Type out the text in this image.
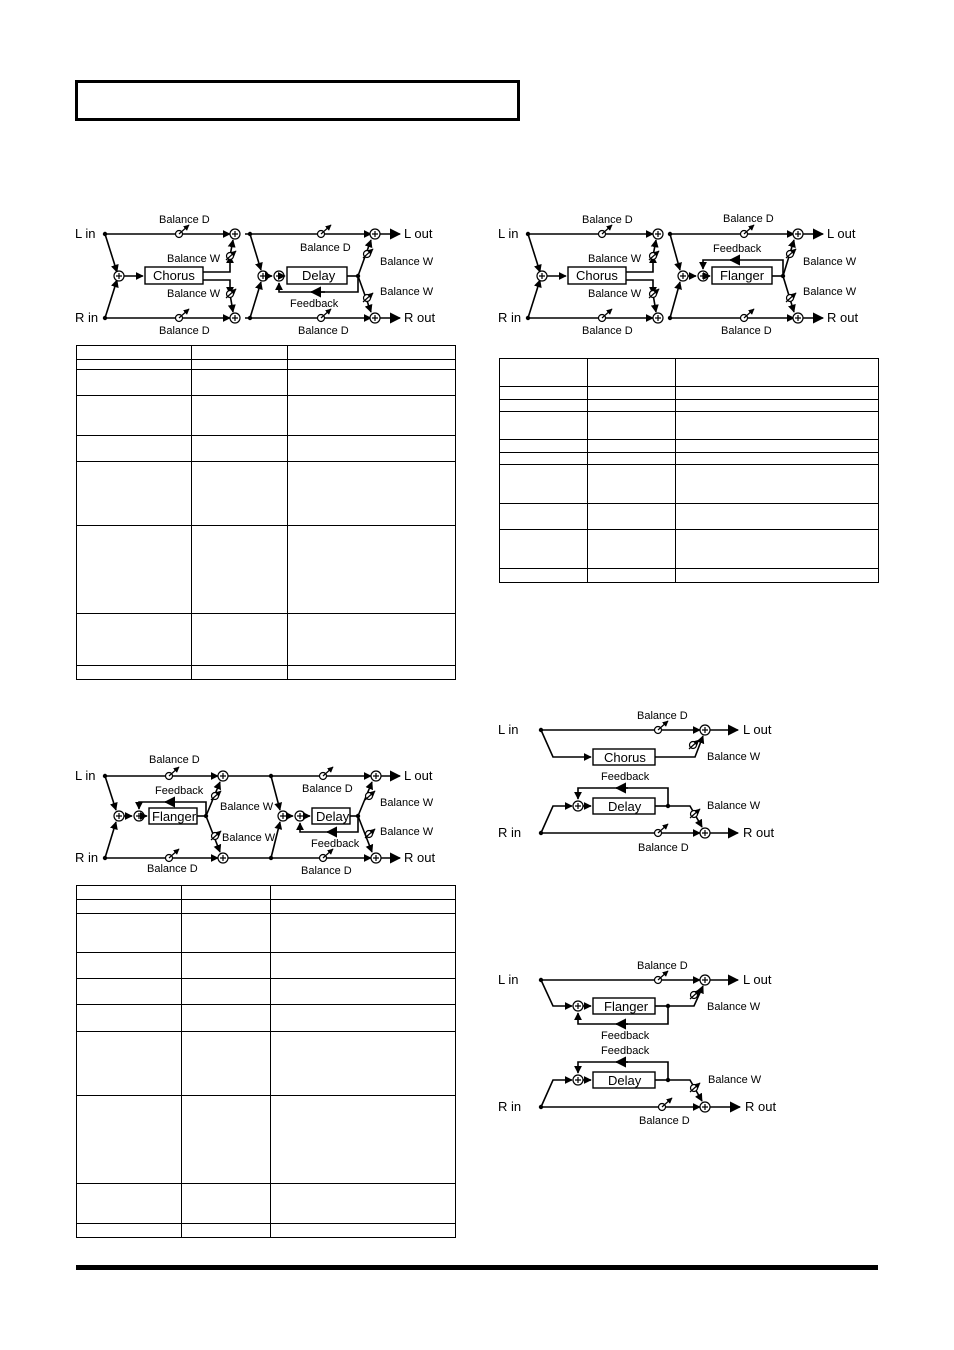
L in
R in
L out
R out
Chorus
Balance D
Balance D
Balance W
Balance W
Delay
Feedback
Balance D
Balance D
Balance W
Balance W
L in
R in
L out
R out
Chorus
Balance D
Balance D
Balance W
Balance W
Flanger
Feedback
Balance D
Balance D
Balance W
Balance W
L in
R in
L out
R out
Flanger
Feedback
Balance D
Balance D
Balance W
Balance W
Delay
Feedback
Balance D
Balance D
Balance W
Balance W
L in
R in
L out
R out
Chorus
Balance D
Balance W
Delay
Feedback
Balance W
Balance D
L in
R in
L out
R out
Flanger
Feedback
Balance D
Balance W
Delay
Feedback
Balance W
Balance D
